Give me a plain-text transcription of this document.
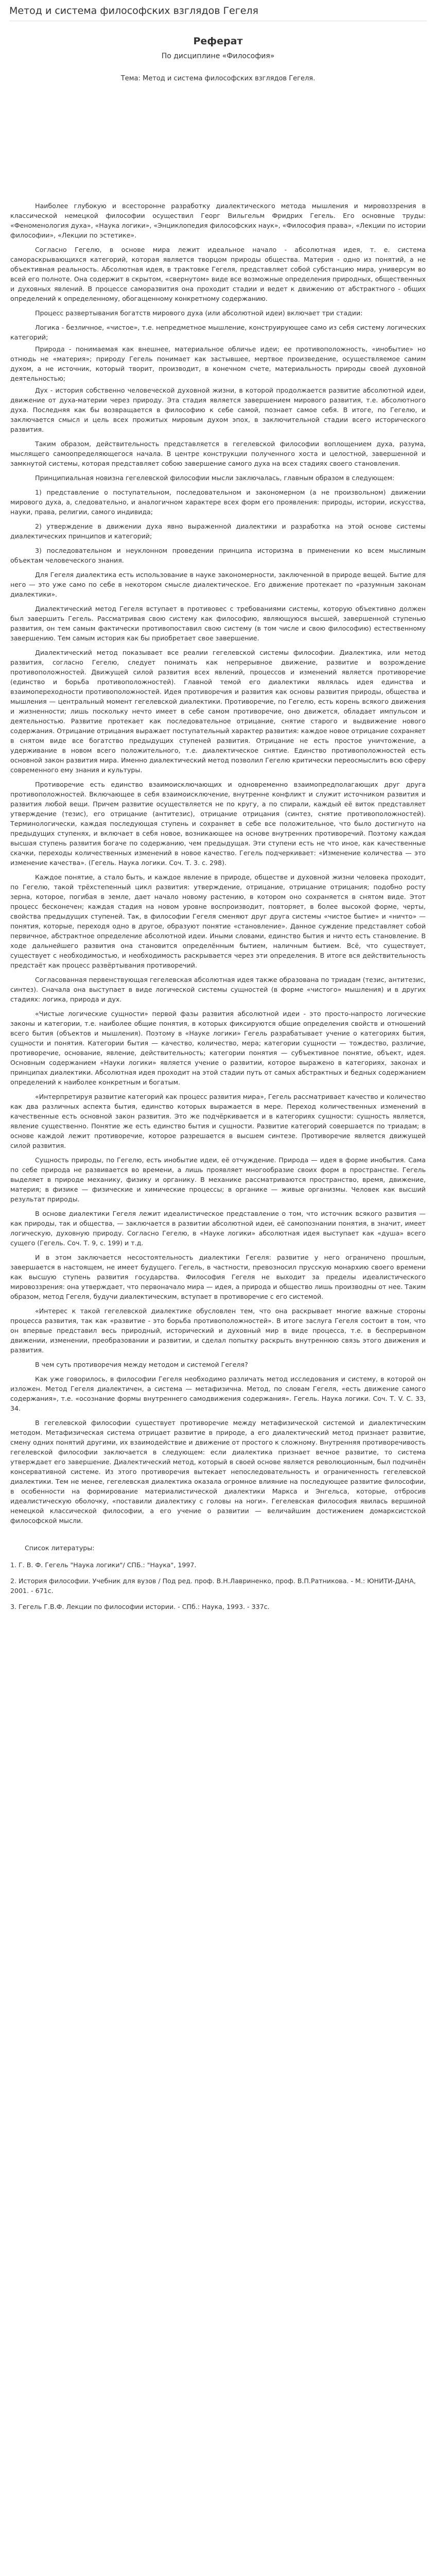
Метод и система философских взглядов Гегеля
Реферат
По дисциплине «Философия»
Тема: Метод и система философских взглядов Гегеля.

Наиболее глубокую и всесторонне разработку диалектического метода мышления и мировоззрения в классической немецкой философии осуществил Георг Вильгельм Фридрих Гегель. Его основные труды: «Феноменология духа», «Наука логики», «Энциклопедия философских наук», «Философия права», «Лекции по истории философии», «Лекции по эстетике».

Согласно Гегелю, в основе мира лежит идеальное начало - абсолютная идея, т. е. система самораскрывающихся категорий, которая является творцом природы общества. Материя - одно из понятий, а не объективная реальность. Абсолютная идея, в трактовке Гегеля, представляет собой субстанцию мира, универсум во всей его полноте. Она содержит в скрытом, «свернутом» виде все возможные определения природных, общественных и духовных явлений. В процессе саморазвития она проходит стадии и ведет к движению от абстрактного - общих определений к определенному, обогащенному конкретному содержанию.

Процесс развертывания богатств мирового духа (или абсолютной идеи) включает три стадии:

Логика - безличное, «чистое», т.е. непредметное мышление, конструирующее само из себя систему логических категорий;

Природа - понимаемая как внешнее, материальное обличье идеи; ее противоположность, «инобытие» но отнюдь не «материя»; природу Гегель понимает как застывшее, мертвое произведение, осуществляемое самим духом, а не источник, который творит, производит, в конечном счете, материальность природы своей духовной деятельностью;

Дух - история собственно человеческой духовной жизни, в которой продолжается развитие абсолютной идеи, движение от духа-материи через природу. Эта стадия является завершением мирового развития, т.е. абсолютного духа. Последняя как бы возвращается в философию к себе самой, познает самое себя. В итоге, по Гегелю, и заключается смысл и цель всех прожитых мировым духом эпох, в заключительной стадии всего исторического развития.

Таким образом, действительность представляется в гегелевской философии воплощением духа, разума, мыслящего самоопределяющегося начала. В центре конструкции полученного хоста и целостной, завершенной и замкнутой системы, которая представляет собою завершение самого духа на всех стадиях своего становления.

Принципиальная новизна гегелевской философии мысли заключалась, главным образом в следующем:

1) представление о поступательном, последовательном и закономерном (а не произвольном) движении мирового духа, а, следовательно, и аналогичном характере всех форм его проявления: природы, истории, искусства, науки, права, религии, самого индивида;

2) утверждение в движении духа явно выраженной диалектики и разработка на этой основе системы диалектических принципов и категорий;

3) последовательном и неуклонном проведении принципа историзма в применении ко всем мыслимым объектам человеческого знания.

Для Гегеля диалектика есть использование в науке закономерности, заключенной в природе вещей. Бытие для него — это уже само по себе в некотором смысле диалектическое. Его движение протекает по «разумным законам диалектики».

Диалектический метод Гегеля вступает в противовес с требованиями системы, которую объективно должен был завершить Гегель. Рассматривая свою систему как философию, являющуюся высшей, завершенной ступенью развития, он тем самым фактически противопоставил свою систему (в том числе и свою философию) естественному завершению. Тем самым история как бы приобретает свое завершение.

Диалектический метод показывает все реалии гегелевской системы философии. Диалектика, или метод развития, согласно Гегелю, следует понимать как непрерывное движение, развитие и возрождение противоположностей. Движущей силой развития всех явлений, процессов и изменений является противоречие (единство и борьба противоположностей). Главной темой его диалектики являлась идея единства и взаимопереходности противоположностей. Идея противоречия и развития как основы развития природы, общества и мышления — центральный момент гегелевской диалектики. Противоречие, по Гегелю, есть корень всякого движения и жизненности; лишь поскольку нечто имеет в себе самом противоречие, оно движется, обладает импульсом и деятельностью. Развитие протекает как последовательное отрицание, снятие старого и выдвижение нового содержания. Отрицание отрицания выражает поступательный характер развития: каждое новое отрицание сохраняет в снятом виде все богатство предыдущих ступеней развития. Отрицание не есть простое уничтожение, а удерживание в новом всего положительного, т.е. диалектическое снятие. Единство противоположностей есть основной закон развития мира. Именно диалектический метод позволил Гегелю критически переосмыслить всю сферу современного ему знания и культуры.

Противоречие есть единство взаимоисключающих и одновременно взаимопредполагающих друг друга противоположностей. Включающее в себя взаимоисключение, внутренне конфликт и служит источником развития и развития любой вещи. Причем развитие осуществляется не по кругу, а по спирали, каждый её виток представляет утверждение (тезис), его отрицание (антитезис), отрицание отрицания (синтез, снятие противоположностей). Терминологически, каждая последующая ступень и сохраняет в себе все положительное, что было достигнуто на предыдущих ступенях, и включает в себя новое, возникающее на основе внутренних противоречий. Поэтому каждая высшая ступень развития богаче по содержанию, чем предыдущая. Эти ступени есть не что иное, как качественные скачки, переходы количественных изменений в новое качество. Гегель подчеркивает: «Изменение количества — это изменение качества». (Гегель. Наука логики. Соч. Т. 3. с. 298).

Каждое понятие, а стало быть, и каждое явление в природе, обществе и духовной жизни человека проходит, по Гегелю, такой трёхстепенный цикл развития: утверждение, отрицание, отрицание отрицания; подобно росту зерна, которое, погибая в земле, дает начало новому растению, в котором оно сохраняется в снятом виде. Этот процесс бесконечен; каждая стадия на новом уровне воспроизводит, повторяет, в более высокой форме, черты, свойства предыдущих ступеней. Так, в философии Гегеля сменяют друг друга системы «чистое бытие» и «ничто» — понятия, которые, переходя одно в другое, образуют понятие «становление». Данное суждение представляет собой первичное, абстрактное определение абсолютной идеи. Иными словами, единство бытия и ничто есть становление. В ходе дальнейшего развития она становится определённым бытием, наличным бытием. Всё, что существует, существует с необходимостью, и необходимость раскрывается через эти определения. В итоге вся действительность предстаёт как процесс развёртывания противоречий.

Согласованная первенствующая гегелевская абсолютная идея также образована по триадам (тезис, антитезис, синтез). Сначала она выступает в виде логической системы сущностей (в форме «чистого» мышления) и в других стадиях: логика, природа и дух.

«Чистые логические сущности» первой фазы развития абсолютной идеи - это просто-напросто логические законы и категории, т.е. наиболее общие понятия, в которых фиксируются общие определения свойств и отношений всего бытия (объектов и мышления). Поэтому в «Науке логики» Гегель разрабатывает учение о категориях бытия, сущности и понятия. Категории бытия — качество, количество, мера; категории сущности — тождество, различие, противоречие, основание, явление, действительность; категории понятия — субъективное понятие, объект, идея. Основным содержанием «Науки логики» является учение о развитии, которое выражено в категориях, законах и принципах диалектики. Абсолютная идея проходит на этой стадии путь от самых абстрактных и бедных содержанием определений к наиболее конкретным и богатым.

«Интерпретируя развитие категорий как процесс развития мира», Гегель рассматривает качество и количество как два различных аспекта бытия, единство которых выражается в мере. Переход количественных изменений в качественные есть основной закон развития. Это же подчёркивается и в категориях сущности: сущность является, явление существенно. Понятие же есть единство бытия и сущности. Развитие категорий совершается по триадам; в основе каждой лежит противоречие, которое разрешается в высшем синтезе. Противоречие является движущей силой развития.

Сущность природы, по Гегелю, есть инобытие идеи, её отчуждение. Природа — идея в форме инобытия. Сама по себе природа не развивается во времени, а лишь проявляет многообразие своих форм в пространстве. Гегель выделяет в природе механику, физику и органику. В механике рассматриваются пространство, время, движение, материя; в физике — физические и химические процессы; в органике — живые организмы. Человек как высший результат природы.

В основе диалектики Гегеля лежит идеалистическое представление о том, что источник всякого развития — как природы, так и общества, — заключается в развитии абсолютной идеи, её самопознании понятия, в значит, имеет логическую, духовную природу. Согласно Гегелю, в «Науке логики» абсолютная идея выступает как «душа» всего сущего (Гегель. Соч. Т. 9, с. 199) и т.д.

И в этом заключается несостоятельность диалектики Гегеля: развитие у него ограничено прошлым, завершается в настоящем, не имеет будущего. Гегель, в частности, превозносил прусскую монархию своего времени как высшую ступень развития государства. Философия Гегеля не выходит за пределы идеалистического мировоззрения: она утверждает, что первоначало мира — идея, а природа и общество лишь производны от нее. Таким образом, метод Гегеля, будучи диалектическим, вступает в противоречие с его системой.

«Интерес к такой гегелевской диалектике обусловлен тем, что она раскрывает многие важные стороны процесса развития, так как «развитие - это борьба противоположностей». В итоге заслуга Гегеля состоит в том, что он впервые представил весь природный, исторический и духовный мир в виде процесса, т.е. в беспрерывном движении, изменении, преобразовании и развитии, и сделал попытку раскрыть внутреннюю связь этого движения и развития.

В чем суть противоречия между методом и системой Гегеля?

Как уже говорилось, в философии Гегеля необходимо различать метод исследования и систему, в которой он изложен. Метод Гегеля диалектичен, а система — метафизична. Метод, по словам Гегеля, «есть движение самого содержания», т.е. «осознание формы внутреннего самодвижения содержания». Гегель. Наука логики. Соч. Т. V. С. 33, 34.

В гегелевской философии существует противоречие между метафизической системой и диалектическим методом. Метафизическая система отрицает развитие в природе, а его диалектический метод признает развитие, смену одних понятий другими, их взаимодействие и движение от простого к сложному. Внутренняя противоречивость гегелевской философии заключается в следующем: если диалектика признает вечное развитие, то система утверждает его завершение. Диалектический метод, который в своей основе является революционным, был подчинён консервативной системе. Из этого противоречия вытекает непоследовательность и ограниченность гегелевской диалектики. Тем не менее, гегелевская диалектика оказала огромное влияние на последующее развитие философии, в особенности на формирование материалистической диалектики Маркса и Энгельса, которые, отбросив идеалистическую оболочку, «поставили диалектику с головы на ноги». Гегелевская философия явилась вершиной немецкой классической философии, а его учение о развитии — величайшим достижением домарксистской философской мысли.

Список литературы:

1. Г. В. Ф. Гегель "Наука логики"/ СПБ.: "Наука", 1997.

2. История философии. Учебник для вузов / Под ред. проф. В.Н.Лавриненко, проф. В.П.Ратникова. - М.: ЮНИТИ-ДАНА, 2001. - 671с.

3. Гегель Г.В.Ф. Лекции по философии истории. - СПб.: Наука, 1993. - 337с.
